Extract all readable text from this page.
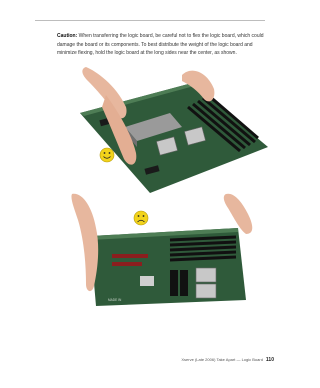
Caution: When transferring the logic board, be careful not to flex the logic board, which could damage the board or its components. To best distribute the weight of the logic board and minimize flexing, hold the logic board at the long sides near the center, as shown.

MADE IN
Xserve (Late 2006) Take Apart — Logic Board 110
